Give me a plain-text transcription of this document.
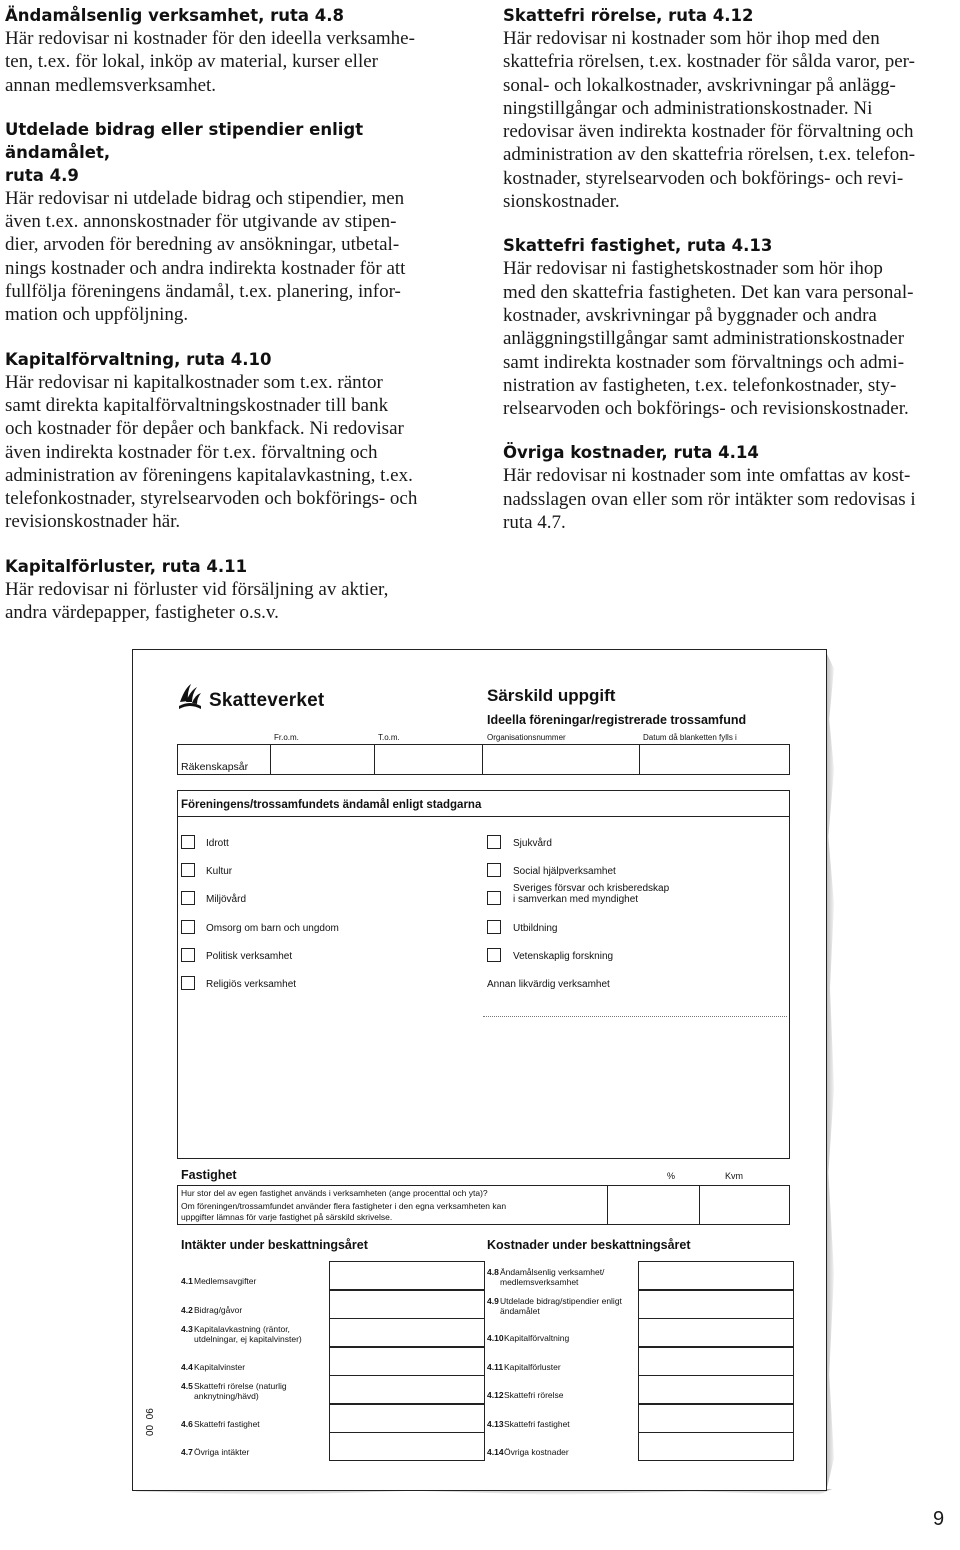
Ändamålsenlig verksamhet, ruta 4.8

Här redovisar ni kostnader för den ideella verksamhe-

ten, t.ex. för lokal, inköp av material, kurser eller

annan medlemsverksamhet.

Utdelade bidrag eller stipendier enligt ändamålet,
ruta 4.9

Här redovisar ni utdelade bidrag och stipendier, men

även t.ex. annonskostnader för utgivande av stipen-

dier, arvoden för beredning av ansökningar, utbetal-

nings kostnader och andra indirekta kostnader för att

fullfölja föreningens ändamål, t.ex. planering, infor-

mation och uppföljning.

Kapitalförvaltning, ruta 4.10

Här redovisar ni kapitalkostnader som t.ex. räntor

samt direkta kapitalförvaltningskostnader till bank

och kostnader för depåer och bankfack. Ni redovisar

även indirekta kostnader för t.ex. förvaltning och

administration av föreningens kapitalavkastning, t.ex.

telefonkostnader, styrelsearvoden och bokförings- och

revisionskostnader här.

Kapitalförluster, ruta 4.11

Här redovisar ni förluster vid försäljning av aktier,

andra värdepapper, fastigheter o.s.v.

Skattefri rörelse, ruta 4.12

Här redovisar ni kostnader som hör ihop med den

skattefria rörelsen, t.ex. kostnader för sålda varor, per-

sonal- och lokalkostnader, avskrivningar på anlägg-

ningstillgångar och administrationskostnader. Ni

redovisar även indirekta kostnader för förvaltning och

administration av den skattefria rörelsen, t.ex. telefon-

kostnader, styrelsearvoden och bokförings- och revi-

sionskostnader.

Skattefri fastighet, ruta 4.13

Här redovisar ni fastighetskostnader som hör ihop

med den skattefria fastigheten. Det kan vara personal-

kostnader, avskrivningar på byggnader och andra

anläggningstillgångar samt administrationskostnader

samt indirekta kostnader som förvaltnings och admi-

nistration av fastigheten, t.ex. telefonkostnader, sty-

relsearvoden och bokförings- och revisionskostnader.

Övriga kostnader, ruta 4.14

Här redovisar ni kostnader som inte omfattas av kost-

nadsslagen ovan eller som rör intäkter som redovisas i

ruta 4.7.

Skatteverket	Särskild uppgift
Ideella föreningar/registrerade trossamfund
Fr.o.m.	T.o.m.	Organisationsnummer	Datum då blanketten fylls i
Räkenskapsår
Föreningens/trossamfundets ändamål enligt stadgarna
Idrott
Kultur
Miljövård
Omsorg om barn och ungdom
Politisk verksamhet
Religiös verksamhet
Sjukvård
Social hjälpverksamhet
Sveriges försvar och krisberedskap
i samverkan med myndighet
Utbildning
Vetenskaplig forskning
Annan likvärdig verksamhet
Fastighet	%	Kvm
Hur stor del av egen fastighet används i verksamheten (ange procenttal och yta)?
Om föreningen/trossamfundet använder flera fastigheter i den egna verksamheten kan
uppgifter lämnas för varje fastighet på särskild skrivelse.
Intäkter under beskattningsåret	Kostnader under beskattningsåret
4.1 Medlemsavgifter
4.2 Bidrag/gåvor
4.3 Kapitalavkastning (räntor,
utdelningar, ej kapitalvinster)
4.4 Kapitalvinster
4.5 Skattefri rörelse (naturlig
anknytning/hävd)
4.6 Skattefri fastighet
4.7 Övriga intäkter
4.8 Ändamålsenlig verksamhet/
medlemsverksamhet
4.9 Utdelade bidrag/stipendier enligt
ändamålet
4.10 Kapitalförvaltning
4.11 Kapitalförluster
4.12 Skattefri rörelse
4.13 Skattefri fastighet
4.14 Övriga kostnader
00  06
9
